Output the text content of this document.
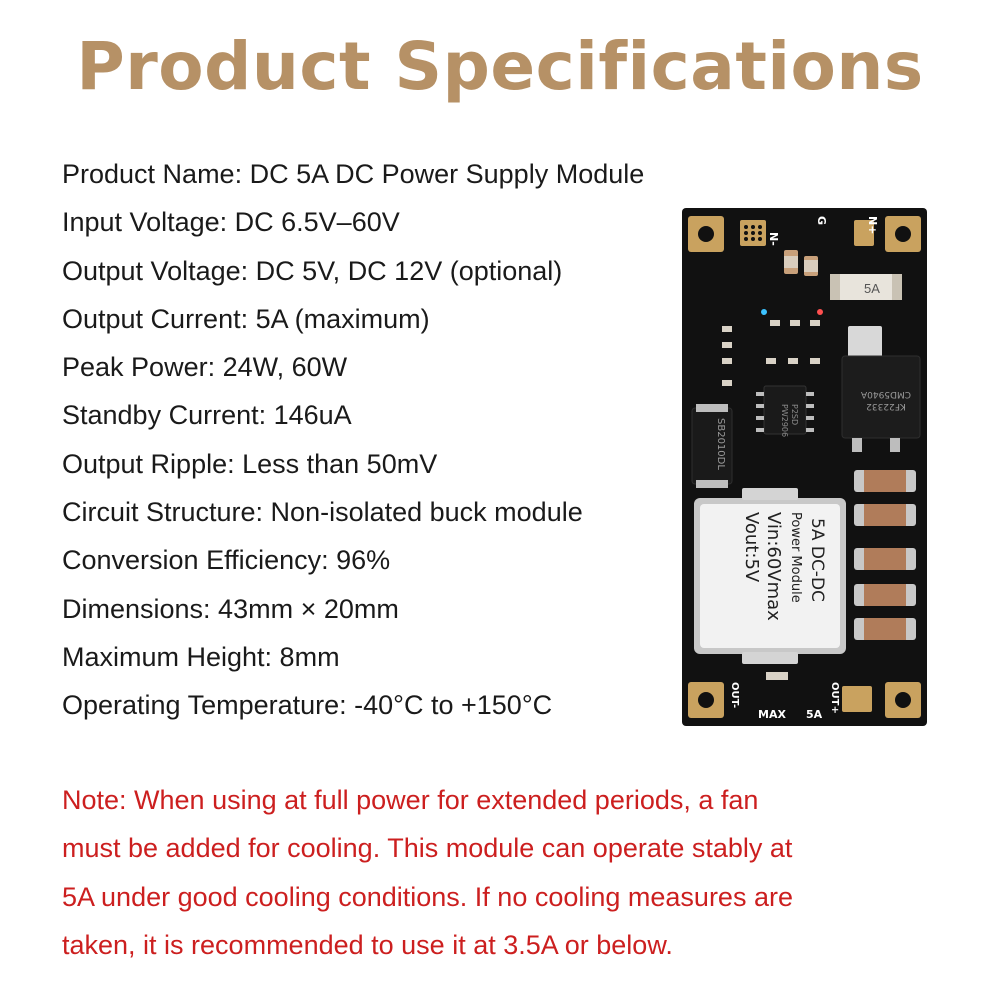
Product Specifications
Product Name: DC 5A DC Power Supply Module
Input Voltage: DC 6.5V–60V
Output Voltage: DC 5V, DC 12V (optional)
Output Current: 5A (maximum)
Peak Power: 24W, 60W
Standby Current: 146uA
Output Ripple: Less than 50mV
Circuit Structure: Non-isolated buck module
Conversion Efficiency: 96%
Dimensions: 43mm × 20mm
Maximum Height: 8mm
Operating Temperature: -40°C to +150°C
N-
G	N+
5A
CMD5940A
KF22332
PW2906 P2SD
SB2010DL
5A DC-DC
Power Module
Vin:60Vmax
Vout:5V
OUT-	OUT+
MAX 5A
Note: When using at full power for extended periods, a fan
must be added for cooling. This module can operate stably at
5A under good cooling conditions. If no cooling measures are
taken, it is recommended to use it at 3.5A or below.
